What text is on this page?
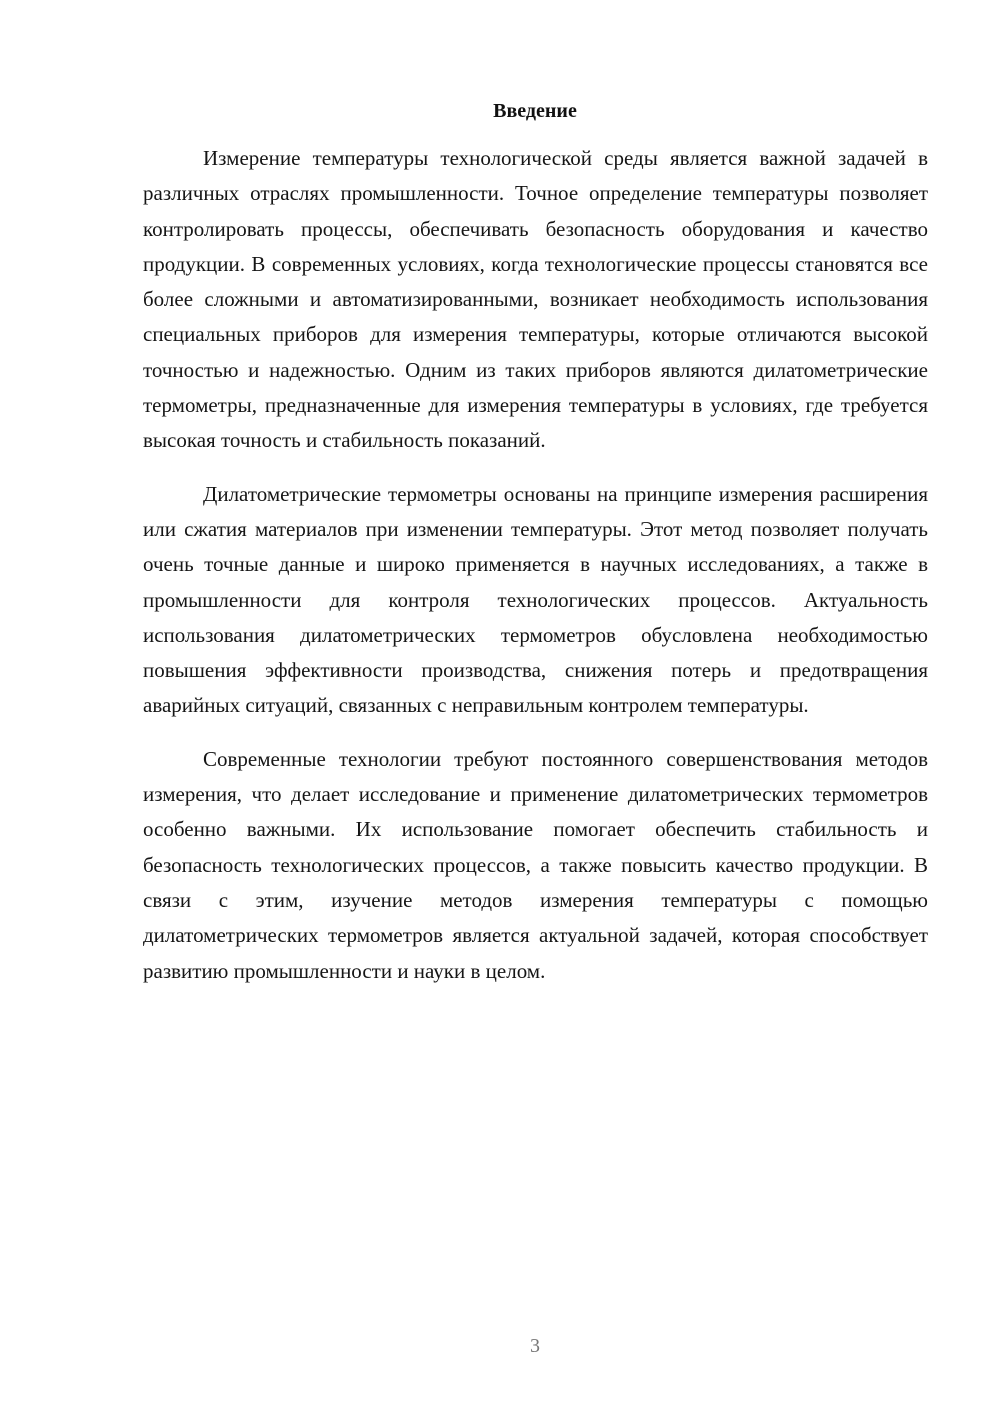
Введение

Измерение температуры технологической среды является важной задачей в различных отраслях промышленности. Точное определение температуры позволяет контролировать процессы, обеспечивать безопасность оборудования и качество продукции. В современных условиях, когда технологические процессы становятся все более сложными и автоматизированными, возникает необходимость использования специальных приборов для измерения температуры, которые отличаются высокой точностью и надежностью. Одним из таких приборов являются дилатометрические термометры, предназначенные для измерения температуры в условиях, где требуется высокая точность и стабильность показаний.

Дилатометрические термометры основаны на принципе измерения расширения или сжатия материалов при изменении температуры. Этот метод позволяет получать очень точные данные и широко применяется в научных исследованиях, а также в промышленности для контроля технологических процессов. Актуальность использования дилатометрических термометров обусловлена необходимостью повышения эффективности производства, снижения потерь и предотвращения аварийных ситуаций, связанных с неправильным контролем температуры.

Современные технологии требуют постоянного совершенствования методов измерения, что делает исследование и применение дилатометрических термометров особенно важными. Их использование помогает обеспечить стабильность и безопасность технологических процессов, а также повысить качество продукции. В связи с этим, изучение методов измерения температуры с помощью дилатометрических термометров является актуальной задачей, которая способствует развитию промышленности и науки в целом.

3
